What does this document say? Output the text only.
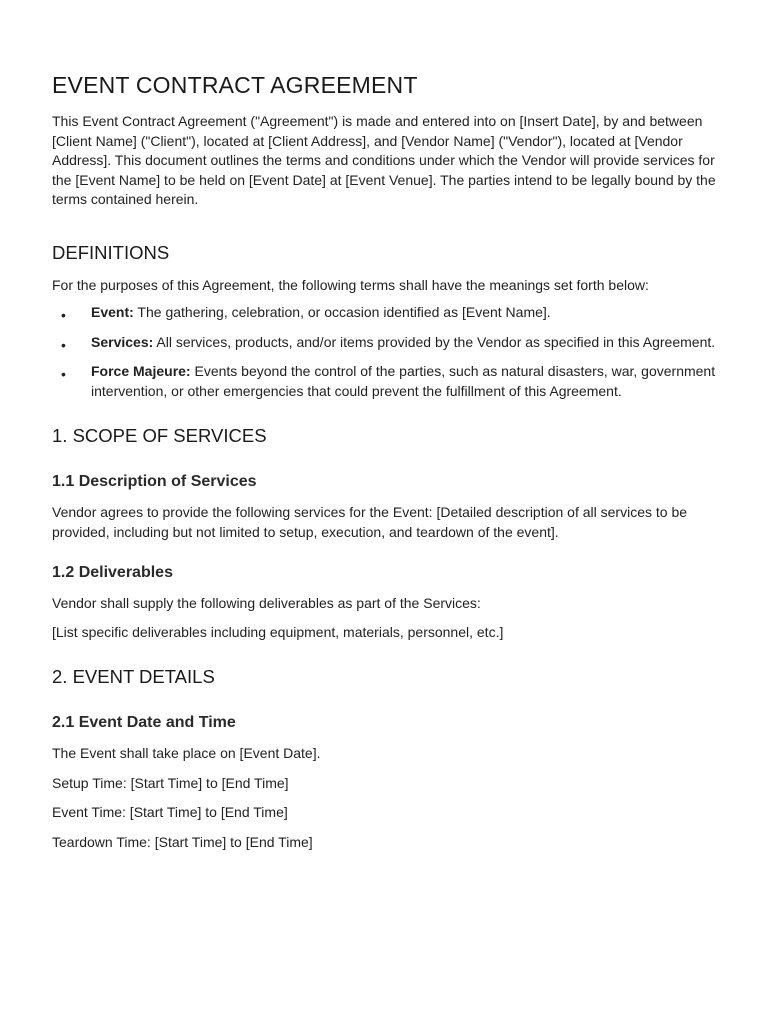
EVENT CONTRACT AGREEMENT

This Event Contract Agreement ("Agreement") is made and entered into on [Insert Date], by and between [Client Name] ("Client"), located at [Client Address], and [Vendor Name] ("Vendor"), located at [Vendor Address]. This document outlines the terms and conditions under which the Vendor will provide services for the [Event Name] to be held on [Event Date] at [Event Venue]. The parties intend to be legally bound by the terms contained herein.

DEFINITIONS

For the purposes of this Agreement, the following terms shall have the meanings set forth below:

• Event: The gathering, celebration, or occasion identified as [Event Name].
• Services: All services, products, and/or items provided by the Vendor as specified in this Agreement.
• Force Majeure: Events beyond the control of the parties, such as natural disasters, war, government intervention, or other emergencies that could prevent the fulfillment of this Agreement.
1. SCOPE OF SERVICES
1.1 Description of Services

Vendor agrees to provide the following services for the Event: [Detailed description of all services to be provided, including but not limited to setup, execution, and teardown of the event].

1.2 Deliverables

Vendor shall supply the following deliverables as part of the Services:

[List specific deliverables including equipment, materials, personnel, etc.]

2. EVENT DETAILS
2.1 Event Date and Time

The Event shall take place on [Event Date].

Setup Time: [Start Time] to [End Time]

Event Time: [Start Time] to [End Time]

Teardown Time: [Start Time] to [End Time]
